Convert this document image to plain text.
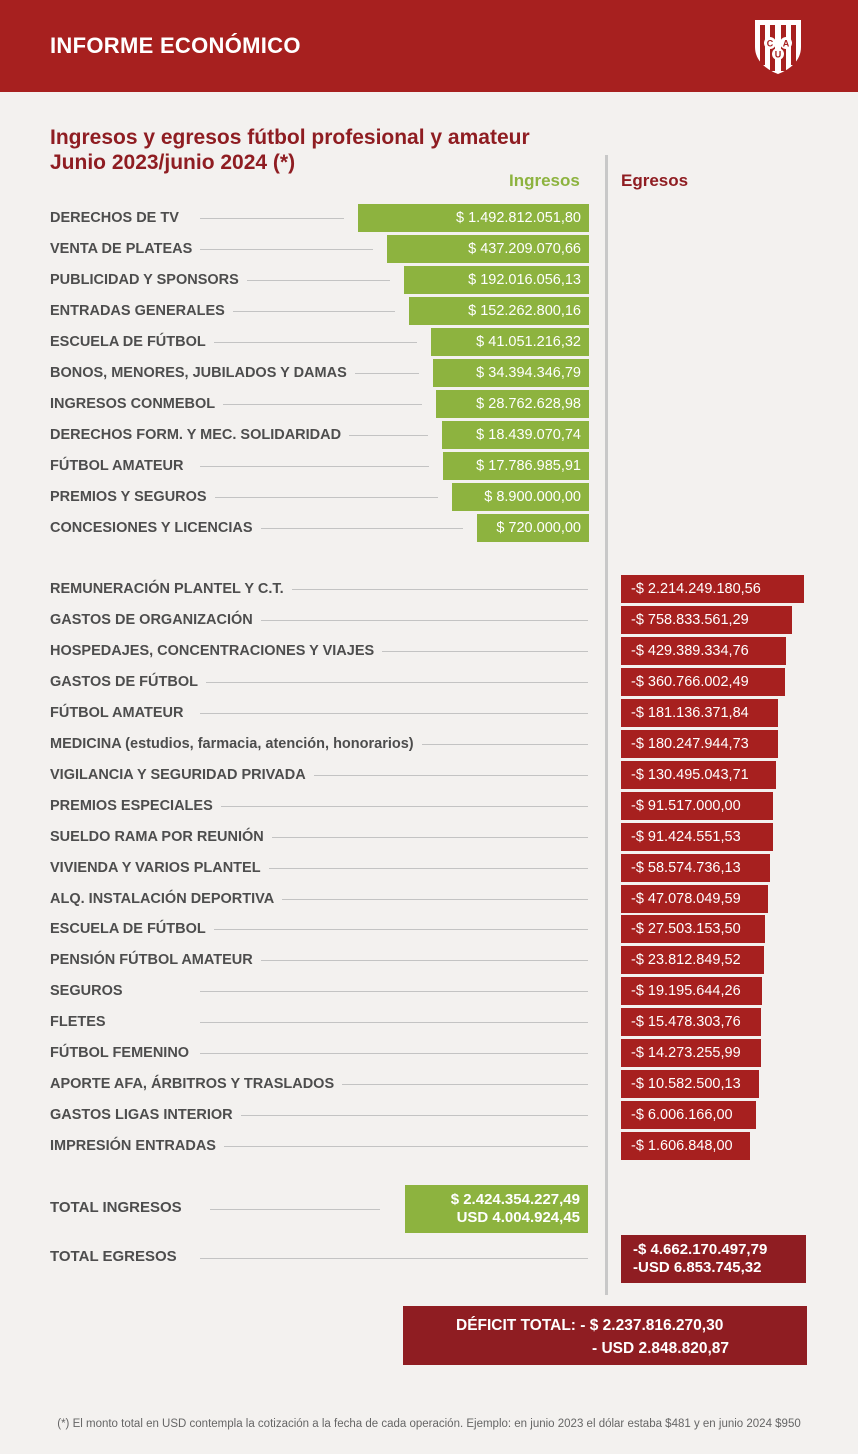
INFORME ECONÓMICO	C A
U
Ingresos y egresos fútbol profesional y amateur
Junio 2023/junio 2024 (*)
Ingresos Egresos
DERECHOS DE TV	$ 1.492.812.051,80
VENTA DE PLATEAS	$ 437.209.070,66
PUBLICIDAD Y SPONSORS	$ 192.016.056,13
ENTRADAS GENERALES	$ 152.262.800,16
ESCUELA DE FÚTBOL	$ 41.051.216,32
BONOS, MENORES, JUBILADOS Y DAMAS	$ 34.394.346,79
INGRESOS CONMEBOL	$ 28.762.628,98
DERECHOS FORM. Y MEC. SOLIDARIDAD	$ 18.439.070,74
FÚTBOL AMATEUR	$ 17.786.985,91
PREMIOS Y SEGUROS	$ 8.900.000,00
CONCESIONES Y LICENCIAS	$ 720.000,00
REMUNERACIÓN PLANTEL Y C.T.	-$ 2.214.249.180,56
GASTOS DE ORGANIZACIÓN	-$ 758.833.561,29
HOSPEDAJES, CONCENTRACIONES Y VIAJES	-$ 429.389.334,76
GASTOS DE FÚTBOL	-$ 360.766.002,49
FÚTBOL AMATEUR	-$ 181.136.371,84
MEDICINA (estudios, farmacia, atención, honorarios)	-$ 180.247.944,73
VIGILANCIA Y SEGURIDAD PRIVADA	-$ 130.495.043,71
PREMIOS ESPECIALES	-$ 91.517.000,00
SUELDO RAMA POR REUNIÓN	-$ 91.424.551,53
VIVIENDA Y VARIOS PLANTEL	-$ 58.574.736,13
ALQ. INSTALACIÓN DEPORTIVA	-$ 47.078.049,59
ESCUELA DE FÚTBOL	-$ 27.503.153,50
PENSIÓN FÚTBOL AMATEUR	-$ 23.812.849,52
SEGUROS	-$ 19.195.644,26
FLETES	-$ 15.478.303,76
FÚTBOL FEMENINO	-$ 14.273.255,99
APORTE AFA, ÁRBITROS Y TRASLADOS	-$ 10.582.500,13
GASTOS LIGAS INTERIOR	-$ 6.006.166,00
IMPRESIÓN ENTRADAS	-$ 1.606.848,00
TOTAL INGRESOS	$ 2.424.354.227,49
USD 4.004.924,45
TOTAL EGRESOS	-$ 4.662.170.497,79
-USD 6.853.745,32
DÉFICIT TOTAL: - $ 2.237.816.270,30
- USD 2.848.820,87
(*) El monto total en USD contempla la cotización a la fecha de cada operación. Ejemplo: en junio 2023 el dólar estaba $481 y en junio 2024 $950
